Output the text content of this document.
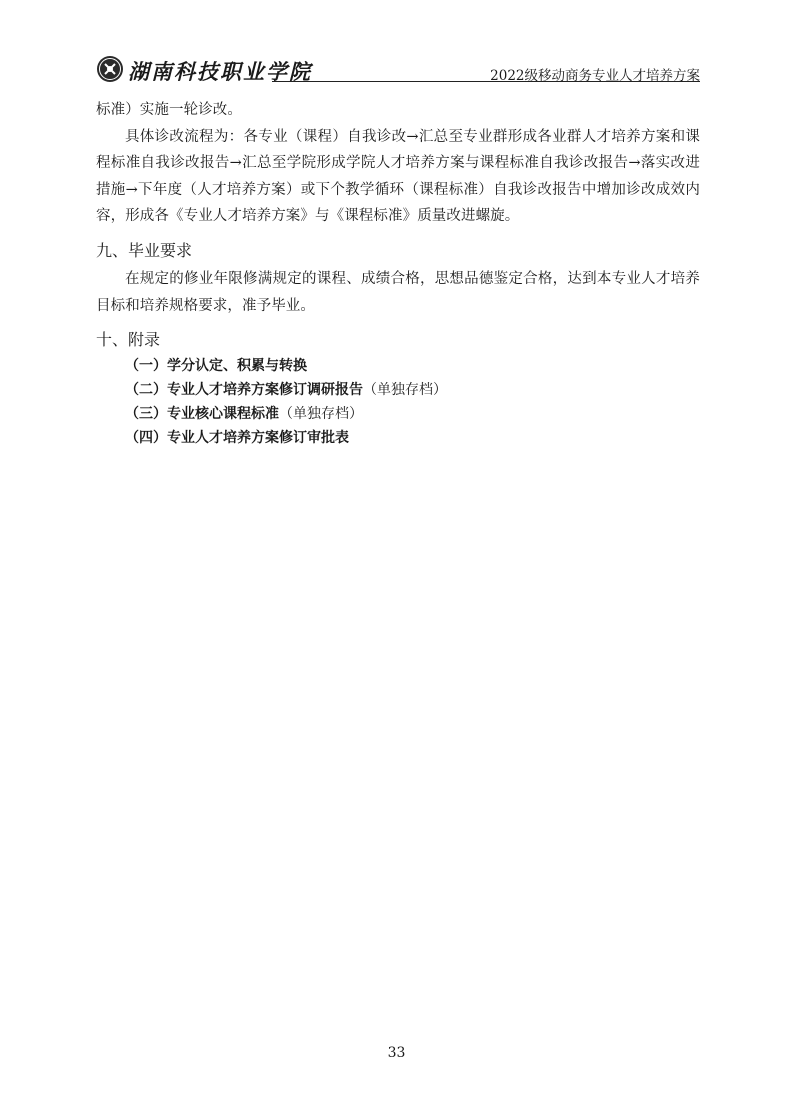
湖南科技职业学院	2022级移动商务专业人才培养方案

标准）实施一轮诊改。

具体诊改流程为：各专业（课程）自我诊改→汇总至专业群形成各业群人才培养方案和课程标准自我诊改报告→汇总至学院形成学院人才培养方案与课程标准自我诊改报告→落实改进措施→下年度（人才培养方案）或下个教学循环（课程标准）自我诊改报告中增加诊改成效内容，形成各《专业人才培养方案》与《课程标准》质量改进螺旋。

九、毕业要求

在规定的修业年限修满规定的课程、成绩合格，思想品德鉴定合格，达到本专业人才培养目标和培养规格要求，准予毕业。

十、附录
（一）学分认定、积累与转换
（二）专业人才培养方案修订调研报告（单独存档）
（三）专业核心课程标准（单独存档）
（四）专业人才培养方案修订审批表
33
